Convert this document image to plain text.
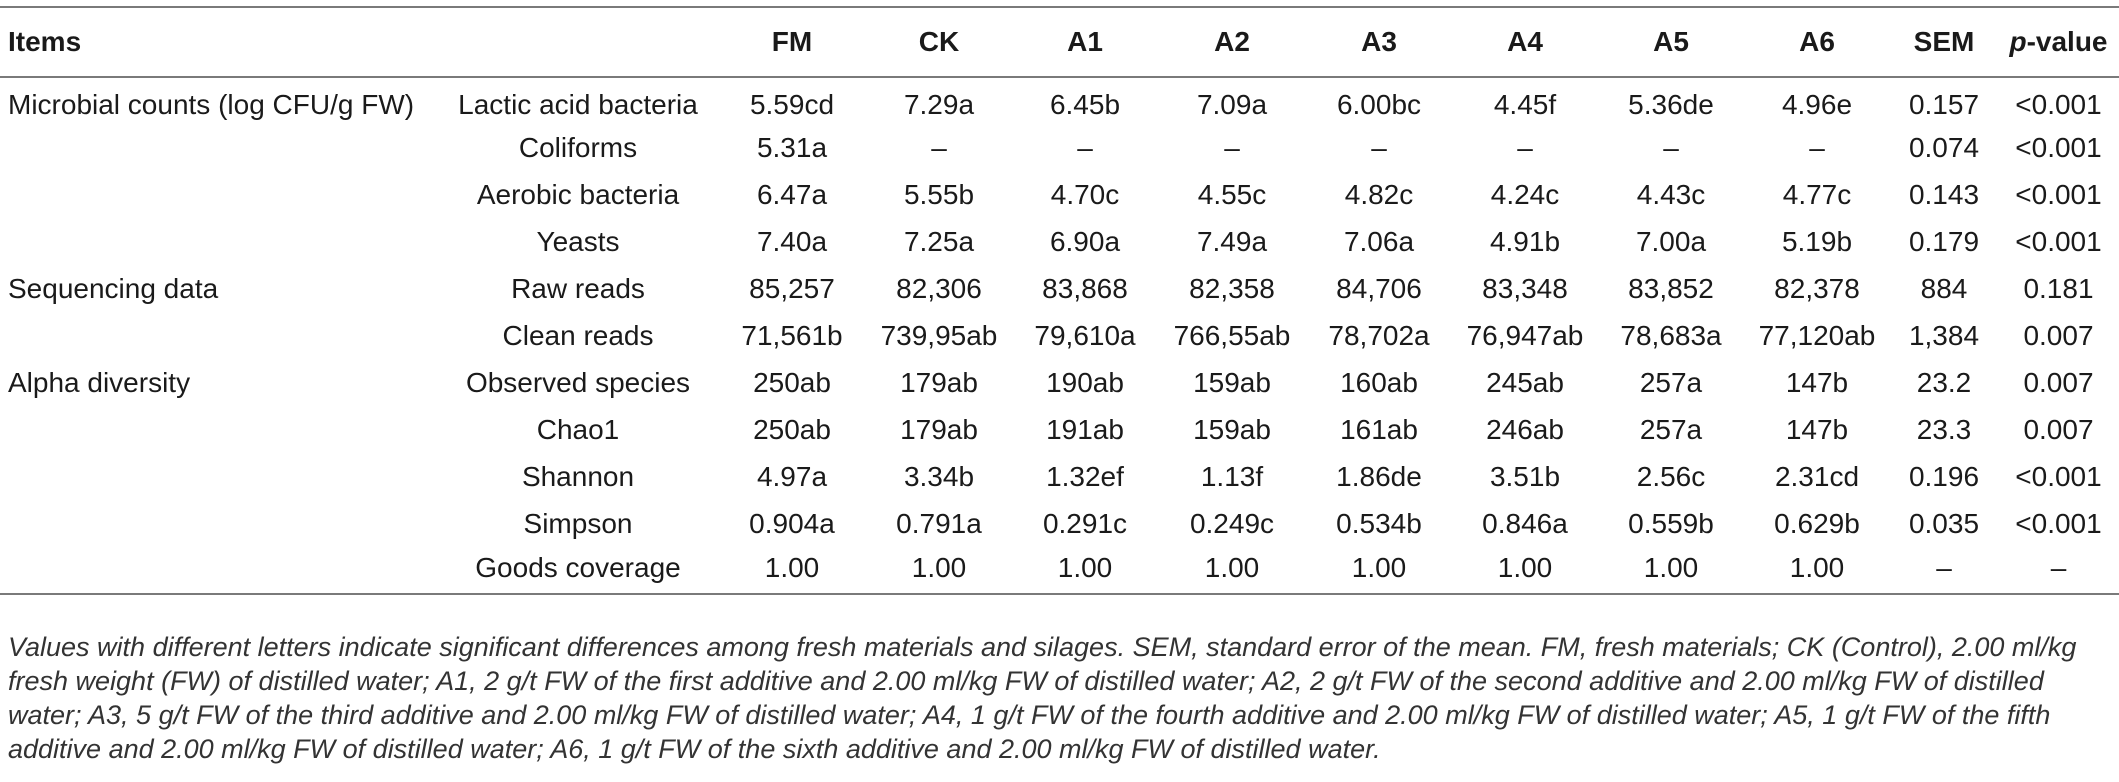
Items		FM	CK	A1	A2	A3	A4	A5	A6	SEM	p-value
Microbial counts (log CFU/g FW)	Lactic acid bacteria	5.59cd	7.29a	6.45b	7.09a	6.00bc	4.45f	5.36de	4.96e	0.157	<0.001
	Coliforms	5.31a	–	–	–	–	–	–	–	0.074	<0.001
	Aerobic bacteria	6.47a	5.55b	4.70c	4.55c	4.82c	4.24c	4.43c	4.77c	0.143	<0.001
	Yeasts	7.40a	7.25a	6.90a	7.49a	7.06a	4.91b	7.00a	5.19b	0.179	<0.001
Sequencing data	Raw reads	85,257	82,306	83,868	82,358	84,706	83,348	83,852	82,378	884	0.181
	Clean reads	71,561b	739,95ab	79,610a	766,55ab	78,702a	76,947ab	78,683a	77,120ab	1,384	0.007
Alpha diversity	Observed species	250ab	179ab	190ab	159ab	160ab	245ab	257a	147b	23.2	0.007
	Chao1	250ab	179ab	191ab	159ab	161ab	246ab	257a	147b	23.3	0.007
	Shannon	4.97a	3.34b	1.32ef	1.13f	1.86de	3.51b	2.56c	2.31cd	0.196	<0.001
	Simpson	0.904a	0.791a	0.291c	0.249c	0.534b	0.846a	0.559b	0.629b	0.035	<0.001
	Goods coverage	1.00	1.00	1.00	1.00	1.00	1.00	1.00	1.00	–	–
Values with different letters indicate significant differences among fresh materials and silages. SEM, standard error of the mean. FM, fresh materials; CK (Control), 2.00 ml/kg fresh weight (FW) of distilled water; A1, 2 g/t FW of the first additive and 2.00 ml/kg FW of distilled water; A2, 2 g/t FW of the second additive and 2.00 ml/kg FW of distilled water; A3, 5 g/t FW of the third additive and 2.00 ml/kg FW of distilled water; A4, 1 g/t FW of the fourth additive and 2.00 ml/kg FW of distilled water; A5, 1 g/t FW of the fifth additive and 2.00 ml/kg FW of distilled water; A6, 1 g/t FW of the sixth additive and 2.00 ml/kg FW of distilled water.
